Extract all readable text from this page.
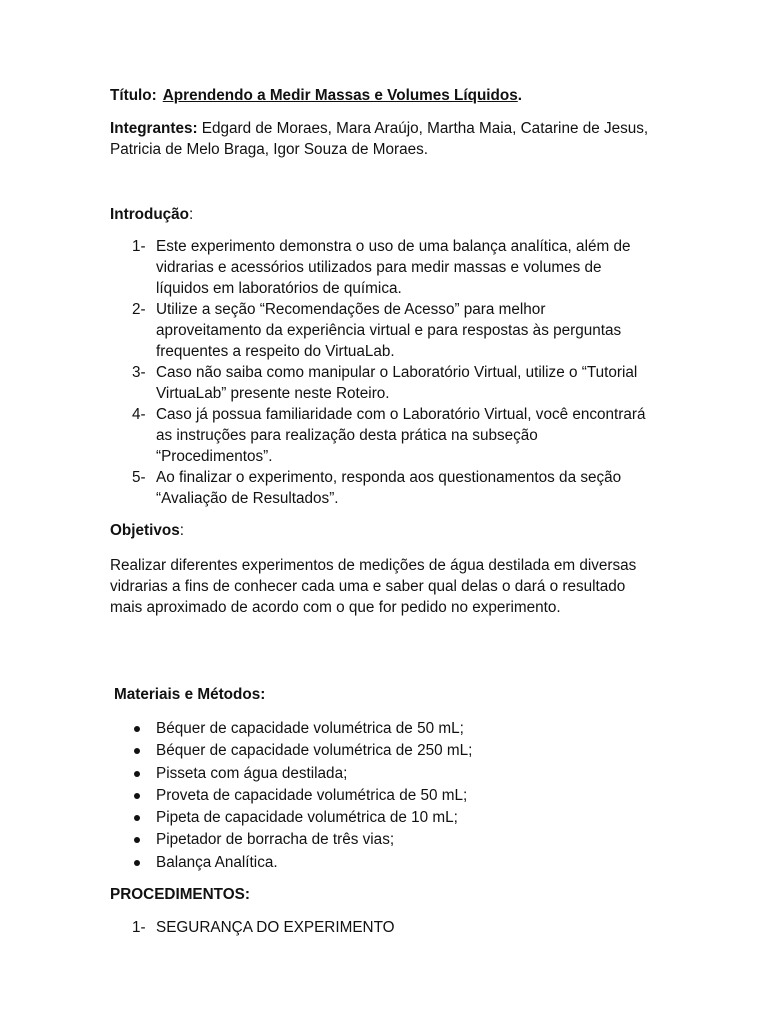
Título: Aprendendo a Medir Massas e Volumes Líquidos.

Integrantes: Edgard de Moraes, Mara Araújo, Martha Maia, Catarine de Jesus, Patricia de Melo Braga, Igor Souza de Moraes.

Introdução:

1- Este experimento demonstra o uso de uma balança analítica, além de vidrarias e acessórios utilizados para medir massas e volumes de líquidos em laboratórios de química.
2- Utilize a seção “Recomendações de Acesso” para melhor aproveitamento da experiência virtual e para respostas às perguntas frequentes a respeito do VirtuaLab.
3- Caso não saiba como manipular o Laboratório Virtual, utilize o “Tutorial VirtuaLab” presente neste Roteiro.
4- Caso já possua familiaridade com o Laboratório Virtual, você encontrará as instruções para realização desta prática na subseção “Procedimentos”.
5- Ao finalizar o experimento, responda aos questionamentos da seção “Avaliação de Resultados”.

Objetivos:

Realizar diferentes experimentos de medições de água destilada em diversas vidrarias a fins de conhecer cada uma e saber qual delas o dará o resultado mais aproximado de acordo com o que for pedido no experimento.

Materiais e Métodos:

Béquer de capacidade volumétrica de 50 mL;
Béquer de capacidade volumétrica de 250 mL;
Pisseta com água destilada;
Proveta de capacidade volumétrica de 50 mL;
Pipeta de capacidade volumétrica de 10 mL;
Pipetador de borracha de três vias;
Balança Analítica.

PROCEDIMENTOS:

1- SEGURANÇA DO EXPERIMENTO
